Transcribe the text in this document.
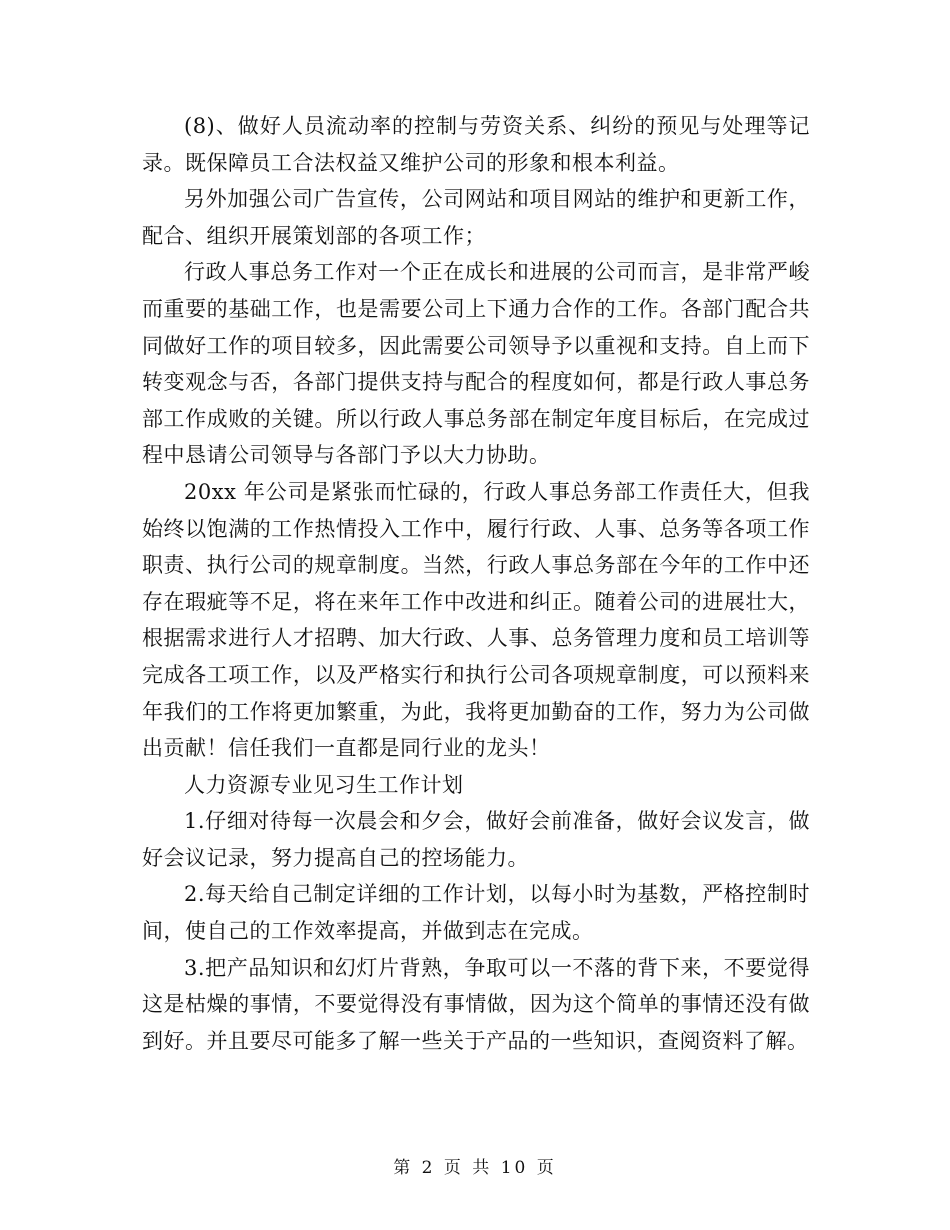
(8)、做好人员流动率的控制与劳资关系、纠纷的预见与处理等记录。既保障员工合法权益又维护公司的形象和根本利益。

另外加强公司广告宣传，公司网站和项目网站的维护和更新工作，配合、组织开展策划部的各项工作；

行政人事总务工作对一个正在成长和进展的公司而言，是非常严峻而重要的基础工作，也是需要公司上下通力合作的工作。各部门配合共同做好工作的项目较多，因此需要公司领导予以重视和支持。自上而下转变观念与否，各部门提供支持与配合的程度如何，都是行政人事总务部工作成败的关键。所以行政人事总务部在制定年度目标后，在完成过程中恳请公司领导与各部门予以大力协助。

20xx 年公司是紧张而忙碌的，行政人事总务部工作责任大，但我始终以饱满的工作热情投入工作中，履行行政、人事、总务等各项工作职责、执行公司的规章制度。当然，行政人事总务部在今年的工作中还存在瑕疵等不足，将在来年工作中改进和纠正。随着公司的进展壮大，根据需求进行人才招聘、加大行政、人事、总务管理力度和员工培训等完成各工项工作，以及严格实行和执行公司各项规章制度，可以预料来年我们的工作将更加繁重，为此，我将更加勤奋的工作，努力为公司做出贡献！信任我们一直都是同行业的龙头！

人力资源专业见习生工作计划

1.仔细对待每一次晨会和夕会，做好会前准备，做好会议发言，做好会议记录，努力提高自己的控场能力。

2.每天给自己制定详细的工作计划，以每小时为基数，严格控制时间，使自己的工作效率提高，并做到志在完成。

3.把产品知识和幻灯片背熟，争取可以一不落的背下来，不要觉得这是枯燥的事情，不要觉得没有事情做，因为这个简单的事情还没有做到好。并且要尽可能多了解一些关于产品的一些知识，查阅资料了解。

第 2 页 共 10 页
